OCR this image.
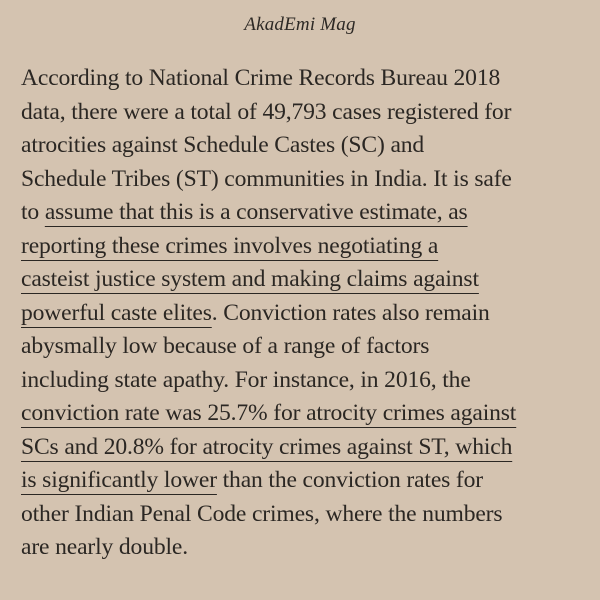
AkadEmi Mag
According to National Crime Records Bureau 2018
data, there were a total of 49,793 cases registered for
atrocities against Schedule Castes (SC) and
Schedule Tribes (ST) communities in India. It is safe
to assume that this is a conservative estimate, as
reporting these crimes involves negotiating a
casteist justice system and making claims against
powerful caste elites. Conviction rates also remain
abysmally low because of a range of factors
including state apathy. For instance, in 2016, the
conviction rate was 25.7% for atrocity crimes against
SCs and 20.8% for atrocity crimes against ST, which
is significantly lower than the conviction rates for
other Indian Penal Code crimes, where the numbers
are nearly double.
